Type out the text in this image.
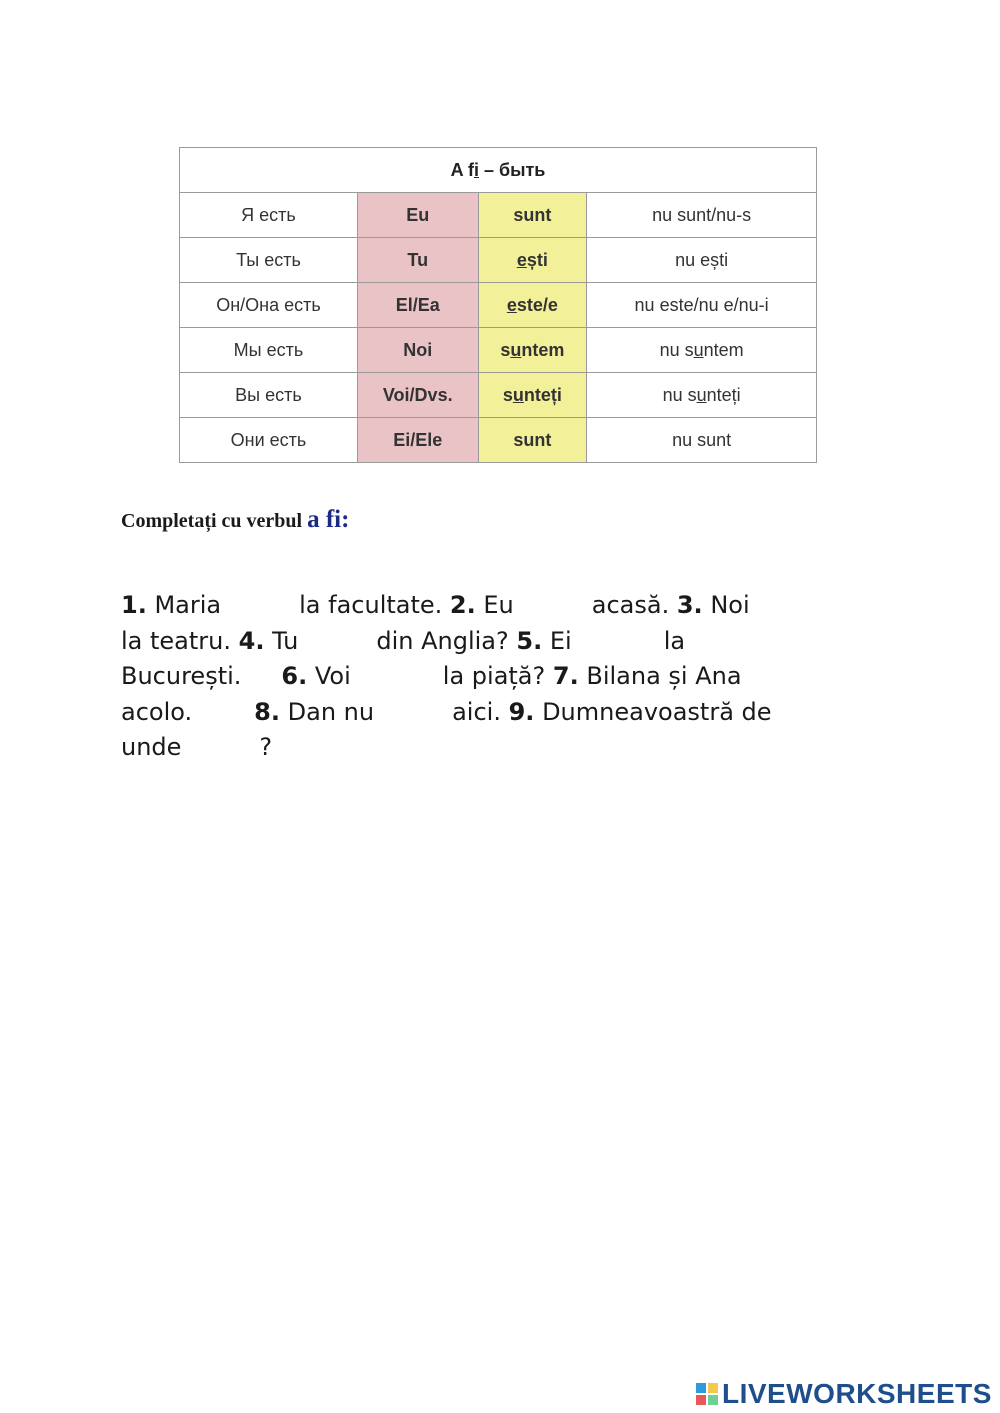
A fi – быть			
Я есть	Eu	sunt	nu sunt/nu-s
Ты есть	Tu	ești	nu ești
Он/Она есть	El/Ea	este/e	nu este/nu e/nu-i
Мы есть	Noi	suntem	nu suntem
Вы есть	Voi/Dvs.	sunteți	nu sunteți
Они есть	Ei/Ele	sunt	nu sunt
Completați cu verbul a fi:
1. Maria	la facultate. 2. Eu	acasă. 3. Noi
la teatru. 4. Tu	din Anglia? 5. Ei	la
București. 6. Voi	la piață? 7. Bilana și Ana
acolo.	8. Dan nu	aici. 9. Dumneavoastră de
unde	?
LIVEWORKSHEETS
